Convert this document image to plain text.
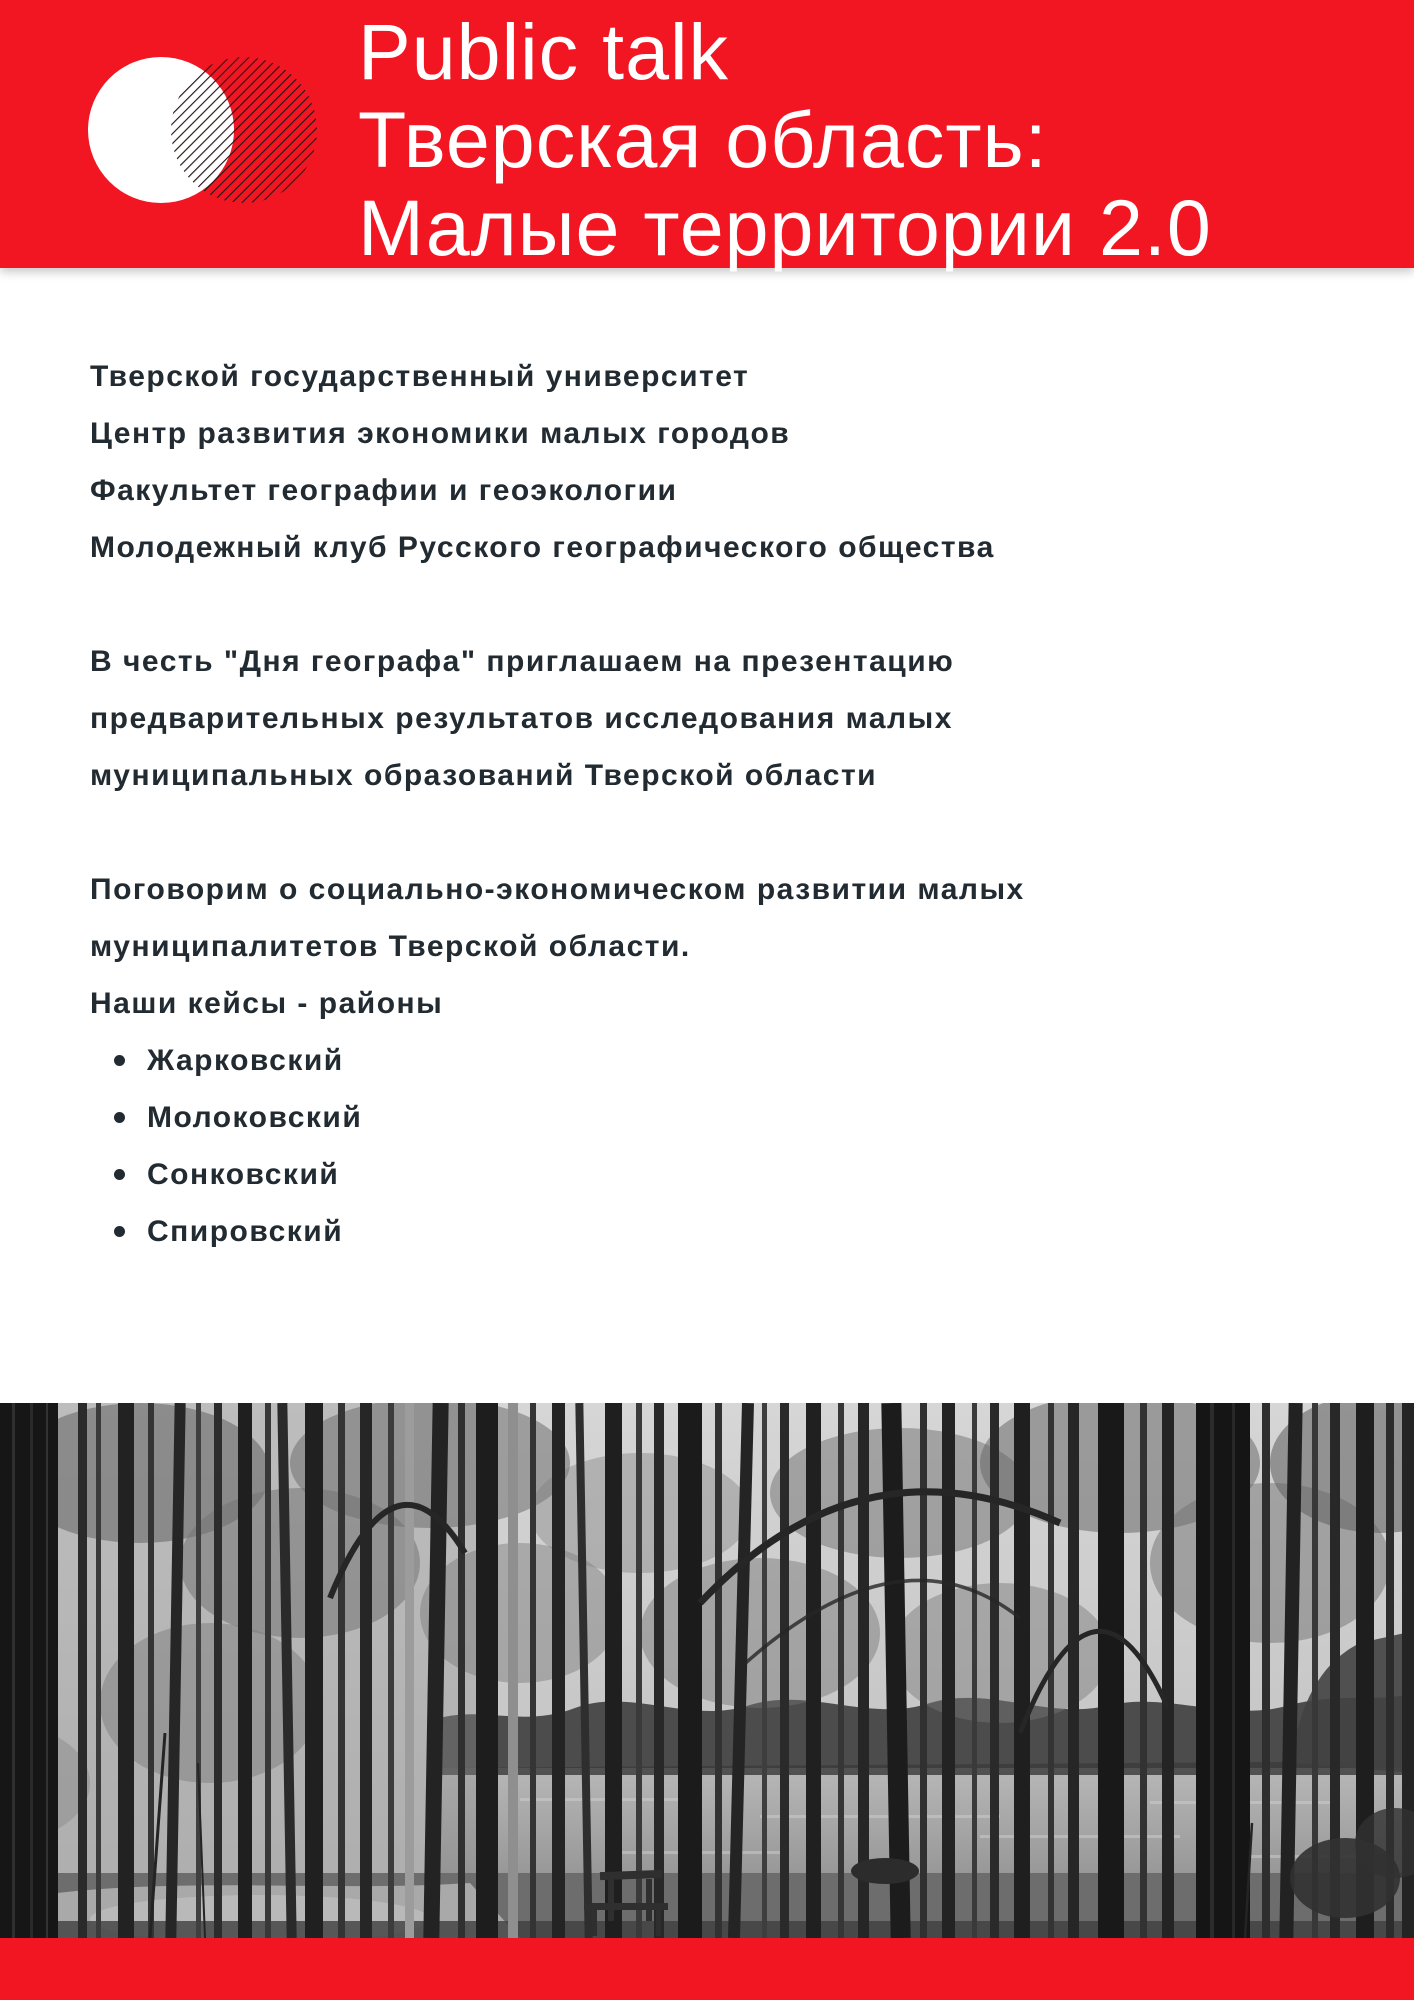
Public talk
Тверская область:
Малые территории 2.0
Тверской государственный университет
Центр развития экономики малых городов
Факультет географии и геоэкологии
Молодежный клуб Русского географического общества
В честь "Дня географа" приглашаем на презентацию
предварительных результатов исследования малых
муниципальных образований Тверской области
Поговорим о социально-экономическом развитии малых
муниципалитетов Тверской области.
Наши кейсы - районы
Жарковский
Молоковский
Сонковский
Спировский
